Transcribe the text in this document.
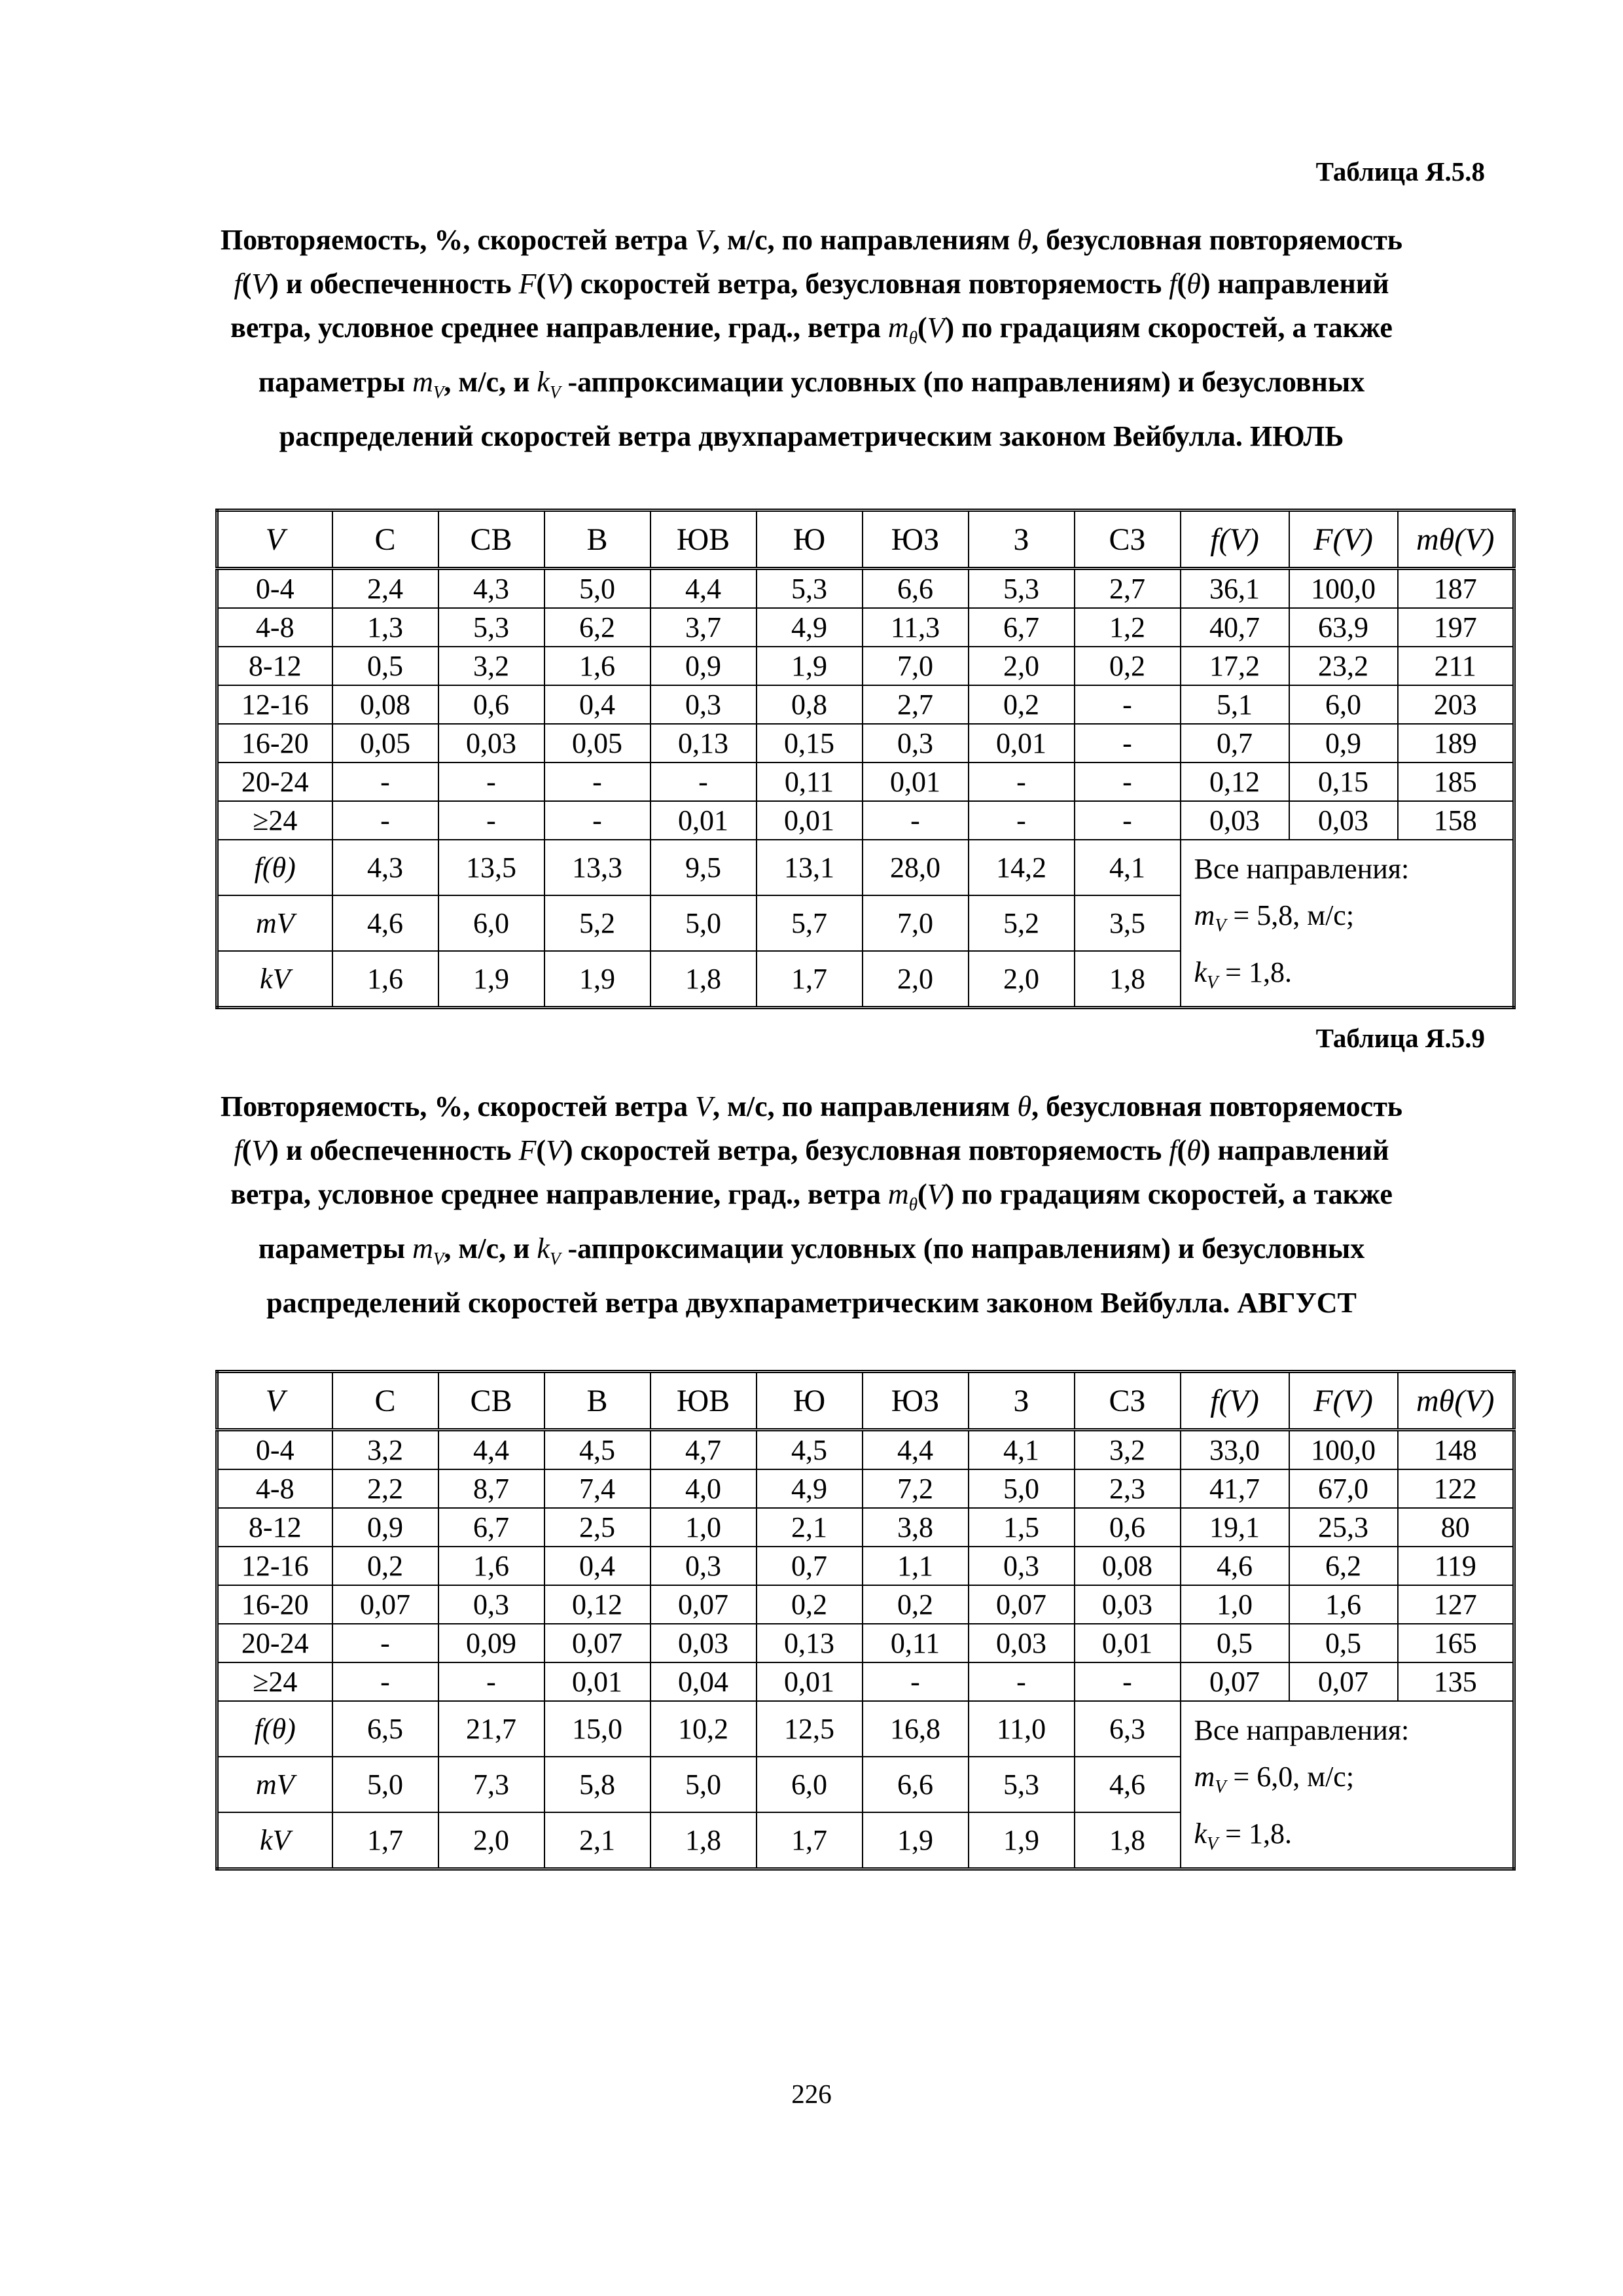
Таблица Я.5.8
Повторяемость, %, скоростей ветра V, м/с, по направлениям θ, безусловная повторяемость f(V) и обеспеченность F(V) скоростей ветра, безусловная повторяемость f(θ) направлений ветра, условное среднее направление, град., ветра $m_\theta(V)$ по градациям скоростей, а также параметры $m_V$, м/с, и $k_V$ -аппроксимации условных (по направлениям) и безусловных распределений скоростей ветра двухпараметрическим законом Вейбулла. ИЮЛЬ
V	С	СВ	В	ЮВ	Ю	ЮЗ	З	СЗ	f(V)	F(V)	mθ(V)
0-4	2,4	4,3	5,0	4,4	5,3	6,6	5,3	2,7	36,1	100,0	187
4-8	1,3	5,3	6,2	3,7	4,9	11,3	6,7	1,2	40,7	63,9	197
8-12	0,5	3,2	1,6	0,9	1,9	7,0	2,0	0,2	17,2	23,2	211
12-16	0,08	0,6	0,4	0,3	0,8	2,7	0,2	-	5,1	6,0	203
16-20	0,05	0,03	0,05	0,13	0,15	0,3	0,01	-	0,7	0,9	189
20-24	-	-	-	-	0,11	0,01	-	-	0,12	0,15	185
≥24	-	-	-	0,01	0,01	-	-	-	0,03	0,03	158
f(θ)	4,3	13,5	13,3	9,5	13,1	28,0	14,2	4,1	Все направления:
$m_V = 5,8$, м/с;
$k_V = 1,8$.		

mV	4,6	6,0	5,2	5,0	5,7	7,0	5,2	3,5			
kV	1,6	1,9	1,9	1,8	1,7	2,0	2,0	1,8			
Таблица Я.5.9
Повторяемость, %, скоростей ветра V, м/с, по направлениям θ, безусловная повторяемость f(V) и обеспеченность F(V) скоростей ветра, безусловная повторяемость f(θ) направлений ветра, условное среднее направление, град., ветра $m_\theta(V)$ по градациям скоростей, а также параметры $m_V$, м/с, и $k_V$ -аппроксимации условных (по направлениям) и безусловных распределений скоростей ветра двухпараметрическим законом Вейбулла. АВГУСТ
V	С	СВ	В	ЮВ	Ю	ЮЗ	З	СЗ	f(V)	F(V)	mθ(V)
0-4	3,2	4,4	4,5	4,7	4,5	4,4	4,1	3,2	33,0	100,0	148
4-8	2,2	8,7	7,4	4,0	4,9	7,2	5,0	2,3	41,7	67,0	122
8-12	0,9	6,7	2,5	1,0	2,1	3,8	1,5	0,6	19,1	25,3	80
12-16	0,2	1,6	0,4	0,3	0,7	1,1	0,3	0,08	4,6	6,2	119
16-20	0,07	0,3	0,12	0,07	0,2	0,2	0,07	0,03	1,0	1,6	127
20-24	-	0,09	0,07	0,03	0,13	0,11	0,03	0,01	0,5	0,5	165
≥24	-	-	0,01	0,04	0,01	-	-	-	0,07	0,07	135
f(θ)	6,5	21,7	15,0	10,2	12,5	16,8	11,0	6,3	Все направления:
$m_V = 6,0$, м/с;
$k_V = 1,8$.		

mV	5,0	7,3	5,8	5,0	6,0	6,6	5,3	4,6			
kV	1,7	2,0	2,1	1,8	1,7	1,9	1,9	1,8			
226
